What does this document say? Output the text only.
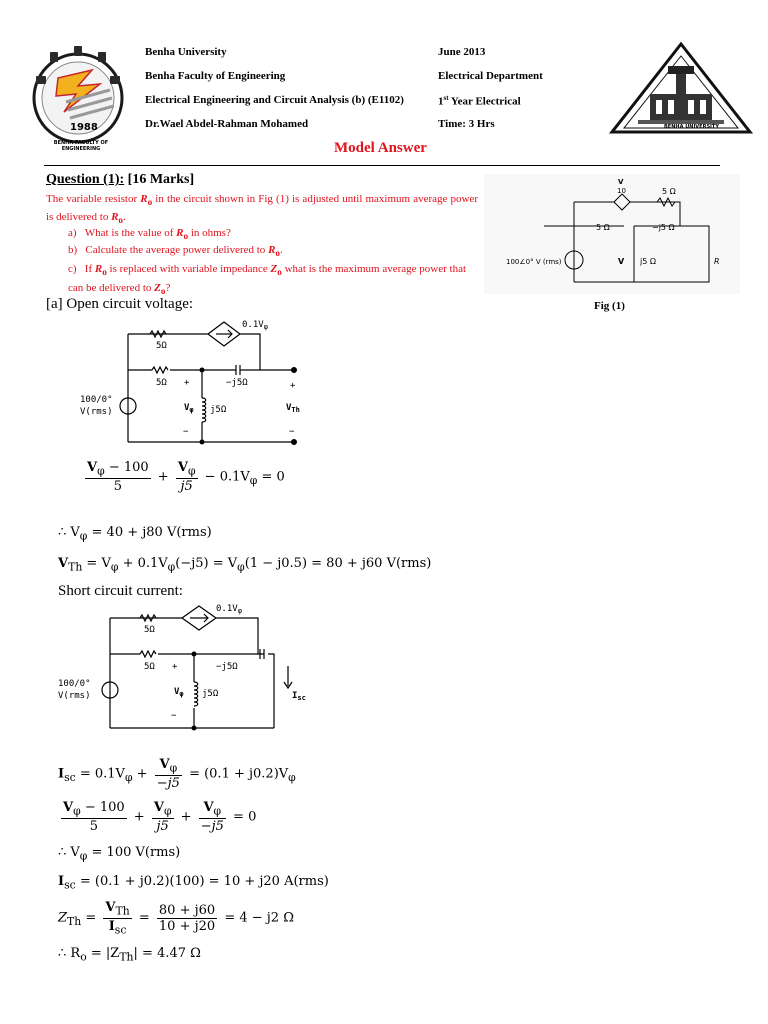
1988
BENHA FACULTY OF ENGINEERING
Benha University
Benha Faculty of Engineering
Electrical Engineering and Circuit Analysis (b) (E1102)
Dr.Wael Abdel-Rahman Mohamed
June 2013
Electrical Department
1st Year Electrical
Time: 3 Hrs	BENHA UNIVERSITY
Model Answer
Question (1): [16 Marks]
The variable resistor $R_o$ in the circuit shown in Fig (1) is adjusted until maximum average power is delivered to $R_o$.
a) What is the value of $R_o$ in ohms?
b) Calculate the average power delivered to $R_o$.
c) If $R_o$ is replaced with variable impedance $Z_o$ what is the maximum average power that can be delivered to $Z_o$?
V
10	5 Ω
5 Ω	−j5 Ω
j5 Ω
100∠0° V (rms)	V	R
Fig (1)
[a] Open circuit voltage:
$0.1V_\varphi$
5Ω
5Ω +	−j5Ω	+
$V_\varphi$ j5Ω	$V_{Th}$
100/0°
V(rms)
−	−
$\frac{V_\varphi - 100}{5} + \frac{V_\varphi}{j5} - 0.1V_\varphi = 0$
∴ $V_\varphi = 40 + j80$ V(rms)
$V_{Th} = V_\varphi + 0.1V_\varphi(-j5) = V_\varphi(1 - j0.5) = 80 + j60$ V(rms)
Short circuit current:
$0.1V_\varphi$
5Ω
5Ω +	−j5Ω
$V_\varphi$ j5Ω	$I_{sc}$
100/0°
V(rms)
−
$I_{sc} = 0.1V_\varphi + \frac{V_\varphi}{-j5} = (0.1 + j0.2)V_\varphi$
$\frac{V_\varphi - 100}{5} + \frac{V_\varphi}{j5} + \frac{V_\varphi}{-j5} = 0$
∴ $V_\varphi = 100$ V(rms)
$I_{sc} = (0.1 + j0.2)(100) = 10 + j20$ A(rms)
$Z_{Th} = \frac{V_{Th}}{I_{sc}} = \frac{80 + j60}{10 + j20} = 4 - j2$ Ω
∴ $R_o = |Z_{Th}| = 4.47$ Ω
